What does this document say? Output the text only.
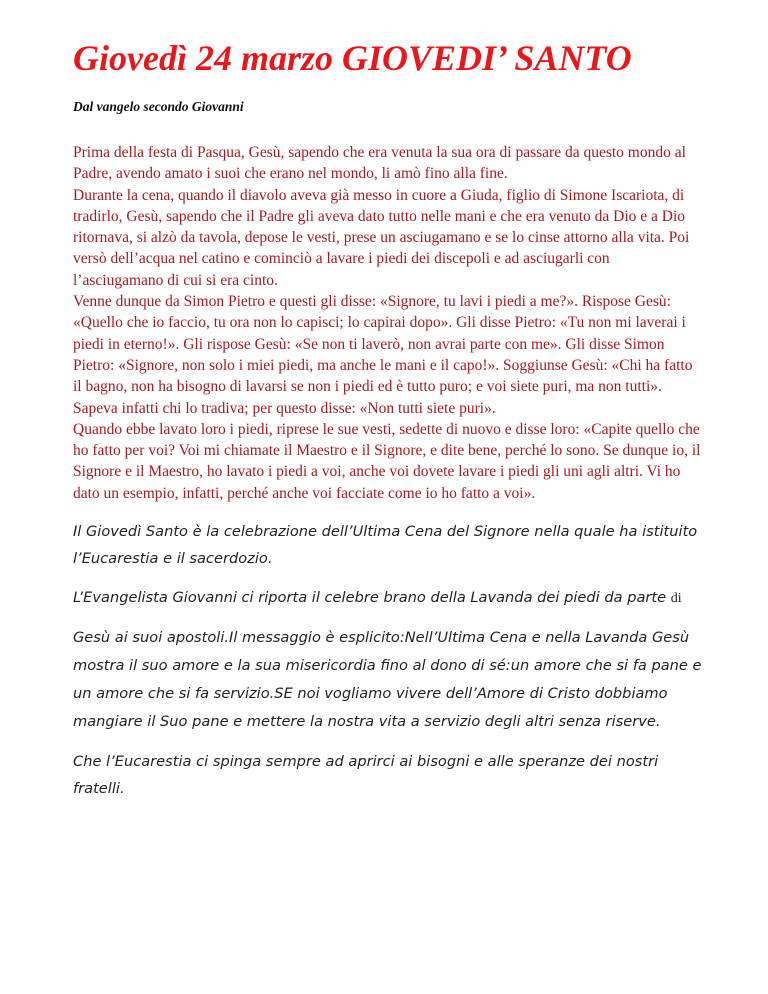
Giovedì 24 marzo GIOVEDI’ SANTO
Dal vangelo secondo Giovanni

Prima della festa di Pasqua, Gesù, sapendo che era venuta la sua ora di passare da questo mondo al Padre, avendo amato i suoi che erano nel mondo, li amò fino alla fine.

Durante la cena, quando il diavolo aveva già messo in cuore a Giuda, figlio di Simone Iscariota, di tradirlo, Gesù, sapendo che il Padre gli aveva dato tutto nelle mani e che era venuto da Dio e a Dio ritornava, si alzò da tavola, depose le vesti, prese un asciugamano e se lo cinse attorno alla vita. Poi versò dell’acqua nel catino e cominciò a lavare i piedi dei discepoli e ad asciugarli con l’asciugamano di cui si era cinto.

Venne dunque da Simon Pietro e questi gli disse: «Signore, tu lavi i piedi a me?». Rispose Gesù: «Quello che io faccio, tu ora non lo capisci; lo capirai dopo». Gli disse Pietro: «Tu non mi laverai i piedi in eterno!». Gli rispose Gesù: «Se non ti laverò, non avrai parte con me». Gli disse Simon Pietro: «Signore, non solo i miei piedi, ma anche le mani e il capo!». Soggiunse Gesù: «Chi ha fatto il bagno, non ha bisogno di lavarsi se non i piedi ed è tutto puro; e voi siete puri, ma non tutti». Sapeva infatti chi lo tradiva; per questo disse: «Non tutti siete puri».

Quando ebbe lavato loro i piedi, riprese le sue vesti, sedette di nuovo e disse loro: «Capite quello che ho fatto per voi? Voi mi chiamate il Maestro e il Signore, e dite bene, perché lo sono. Se dunque io, il Signore e il Maestro, ho lavato i piedi a voi, anche voi dovete lavare i piedi gli uni agli altri. Vi ho dato un esempio, infatti, perché anche voi facciate come io ho fatto a voi».

Il Giovedì Santo è la celebrazione dell’Ultima Cena del Signore nella quale ha istituito l’Eucarestia e il sacerdozio.

L’Evangelista Giovanni ci riporta il celebre brano della Lavanda dei piedi da parte di

Gesù ai suoi apostoli.Il messaggio è esplicito:Nell’Ultima Cena e nella Lavanda Gesù mostra il suo amore e la sua misericordia fino al dono di sé:un amore che si fa pane e un amore che si fa servizio.SE noi vogliamo vivere dell’Amore di Cristo dobbiamo mangiare il Suo pane e mettere la nostra vita a servizio degli altri senza riserve.

Che l’Eucarestia ci spinga sempre ad aprirci ai bisogni e alle speranze dei nostri fratelli.
